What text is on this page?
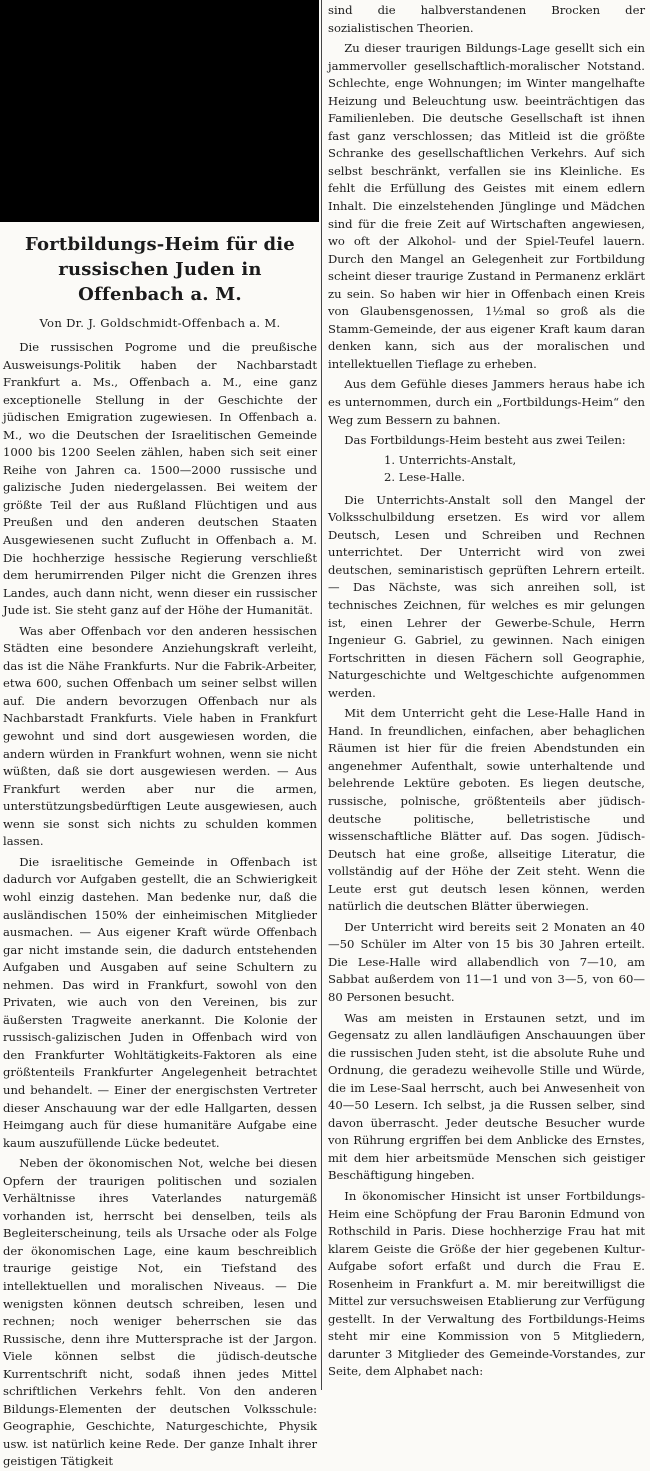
Fortbildungs-Heim für die russischen Juden in Offenbach a. M.
Von Dr. J. Goldschmidt-Offenbach a. M.

Die russischen Pogrome und die preußische Ausweisungs-Politik haben der Nachbarstadt Frankfurt a. Ms., Offenbach a. M., eine ganz exceptionelle Stellung in der Geschichte der jüdischen Emigration zugewiesen. In Offenbach a. M., wo die Deutschen der Israelitischen Gemeinde 1000 bis 1200 Seelen zählen, haben sich seit einer Reihe von Jahren ca. 1500—2000 russische und galizische Juden niedergelassen. Bei weitem der größte Teil der aus Rußland Flüchtigen und aus Preußen und den anderen deutschen Staaten Ausgewiesenen sucht Zuflucht in Offenbach a. M. Die hochherzige hessische Regierung verschließt dem herumirrenden Pilger nicht die Grenzen ihres Landes, auch dann nicht, wenn dieser ein russischer Jude ist. Sie steht ganz auf der Höhe der Humanität.

Was aber Offenbach vor den anderen hessischen Städten eine besondere Anziehungskraft verleiht, das ist die Nähe Frankfurts. Nur die Fabrik-Arbeiter, etwa 600, suchen Offenbach um seiner selbst willen auf. Die andern bevorzugen Offenbach nur als Nachbarstadt Frankfurts. Viele haben in Frankfurt gewohnt und sind dort ausgewiesen worden, die andern würden in Frankfurt wohnen, wenn sie nicht wüßten, daß sie dort ausgewiesen werden. — Aus Frankfurt werden aber nur die armen, unterstützungsbedürftigen Leute ausgewiesen, auch wenn sie sonst sich nichts zu schulden kommen lassen.

Die israelitische Gemeinde in Offenbach ist dadurch vor Aufgaben gestellt, die an Schwierigkeit wohl einzig dastehen. Man bedenke nur, daß die ausländischen 150% der einheimischen Mitglieder ausmachen. — Aus eigener Kraft würde Offenbach gar nicht imstande sein, die dadurch entstehenden Aufgaben und Ausgaben auf seine Schultern zu nehmen. Das wird in Frankfurt, sowohl von den Privaten, wie auch von den Vereinen, bis zur äußersten Tragweite anerkannt. Die Kolonie der russisch-galizischen Juden in Offenbach wird von den Frankfurter Wohltätigkeits-Faktoren als eine größtenteils Frankfurter Angelegenheit betrachtet und behandelt. — Einer der energischsten Vertreter dieser Anschauung war der edle Hallgarten, dessen Heimgang auch für diese humanitäre Aufgabe eine kaum auszufüllende Lücke bedeutet.

Neben der ökonomischen Not, welche bei diesen Opfern der traurigen politischen und sozialen Verhältnisse ihres Vaterlandes naturgemäß vorhanden ist, herrscht bei denselben, teils als Begleiterscheinung, teils als Ursache oder als Folge der ökonomischen Lage, eine kaum beschreiblich traurige geistige Not, ein Tiefstand des intellektuellen und moralischen Niveaus. — Die wenigsten können deutsch schreiben, lesen und rechnen; noch weniger beherrschen sie das Russische, denn ihre Muttersprache ist der Jargon. Viele können selbst die jüdisch-deutsche Kurrentschrift nicht, sodaß ihnen jedes Mittel schriftlichen Verkehrs fehlt. Von den anderen Bildungs-Elementen der deutschen Volksschule: Geographie, Geschichte, Naturgeschichte, Physik usw. ist natürlich keine Rede. Der ganze Inhalt ihrer geistigen Tätigkeit

sind die halbverstandenen Brocken der sozialistischen Theorien.

Zu dieser traurigen Bildungs-Lage gesellt sich ein jammervoller gesellschaftlich-moralischer Notstand. Schlechte, enge Wohnungen; im Winter mangelhafte Heizung und Beleuchtung usw. beeinträchtigen das Familienleben. Die deutsche Gesellschaft ist ihnen fast ganz verschlossen; das Mitleid ist die größte Schranke des gesellschaftlichen Verkehrs. Auf sich selbst beschränkt, verfallen sie ins Kleinliche. Es fehlt die Erfüllung des Geistes mit einem edlern Inhalt. Die einzelstehenden Jünglinge und Mädchen sind für die freie Zeit auf Wirtschaften angewiesen, wo oft der Alkohol- und der Spiel-Teufel lauern. Durch den Mangel an Gelegenheit zur Fortbildung scheint dieser traurige Zustand in Permanenz erklärt zu sein. So haben wir hier in Offenbach einen Kreis von Glaubensgenossen, 1½mal so groß als die Stamm-Gemeinde, der aus eigener Kraft kaum daran denken kann, sich aus der moralischen und intellektuellen Tieflage zu erheben.

Aus dem Gefühle dieses Jammers heraus habe ich es unternommen, durch ein „Fortbildungs-Heim“ den Weg zum Bessern zu bahnen.

Das Fortbildungs-Heim besteht aus zwei Teilen:

1. Unterrichts-Anstalt,
2. Lese-Halle.

Die Unterrichts-Anstalt soll den Mangel der Volksschulbildung ersetzen. Es wird vor allem Deutsch, Lesen und Schreiben und Rechnen unterrichtet. Der Unterricht wird von zwei deutschen, seminaristisch geprüften Lehrern erteilt. — Das Nächste, was sich anreihen soll, ist technisches Zeichnen, für welches es mir gelungen ist, einen Lehrer der Gewerbe-Schule, Herrn Ingenieur G. Gabriel, zu gewinnen. Nach einigen Fortschritten in diesen Fächern soll Geographie, Naturgeschichte und Weltgeschichte aufgenommen werden.

Mit dem Unterricht geht die Lese-Halle Hand in Hand. In freundlichen, einfachen, aber behaglichen Räumen ist hier für die freien Abendstunden ein angenehmer Aufenthalt, sowie unterhaltende und belehrende Lektüre geboten. Es liegen deutsche, russische, polnische, größtenteils aber jüdisch-deutsche politische, belletristische und wissenschaftliche Blätter auf. Das sogen. Jüdisch-Deutsch hat eine große, allseitige Literatur, die vollständig auf der Höhe der Zeit steht. Wenn die Leute erst gut deutsch lesen können, werden natürlich die deutschen Blätter überwiegen.

Der Unterricht wird bereits seit 2 Monaten an 40—50 Schüler im Alter von 15 bis 30 Jahren erteilt. Die Lese-Halle wird allabendlich von 7—10, am Sabbat außerdem von 11—1 und von 3—5, von 60—80 Personen besucht.

Was am meisten in Erstaunen setzt, und im Gegensatz zu allen landläufigen Anschauungen über die russischen Juden steht, ist die absolute Ruhe und Ordnung, die geradezu weihevolle Stille und Würde, die im Lese-Saal herrscht, auch bei Anwesenheit von 40—50 Lesern. Ich selbst, ja die Russen selber, sind davon überrascht. Jeder deutsche Besucher wurde von Rührung ergriffen bei dem Anblicke des Ernstes, mit dem hier arbeitsmüde Menschen sich geistiger Beschäftigung hingeben.

In ökonomischer Hinsicht ist unser Fortbildungs-Heim eine Schöpfung der Frau Baronin Edmund von Rothschild in Paris. Diese hochherzige Frau hat mit klarem Geiste die Größe der hier gegebenen Kultur-Aufgabe sofort erfaßt und durch die Frau E. Rosenheim in Frankfurt a. M. mir bereitwilligst die Mittel zur versuchsweisen Etablierung zur Verfügung gestellt. In der Verwaltung des Fortbildungs-Heims steht mir eine Kommission von 5 Mitgliedern, darunter 3 Mitglieder des Gemeinde-Vorstandes, zur Seite, dem Alphabet nach:
